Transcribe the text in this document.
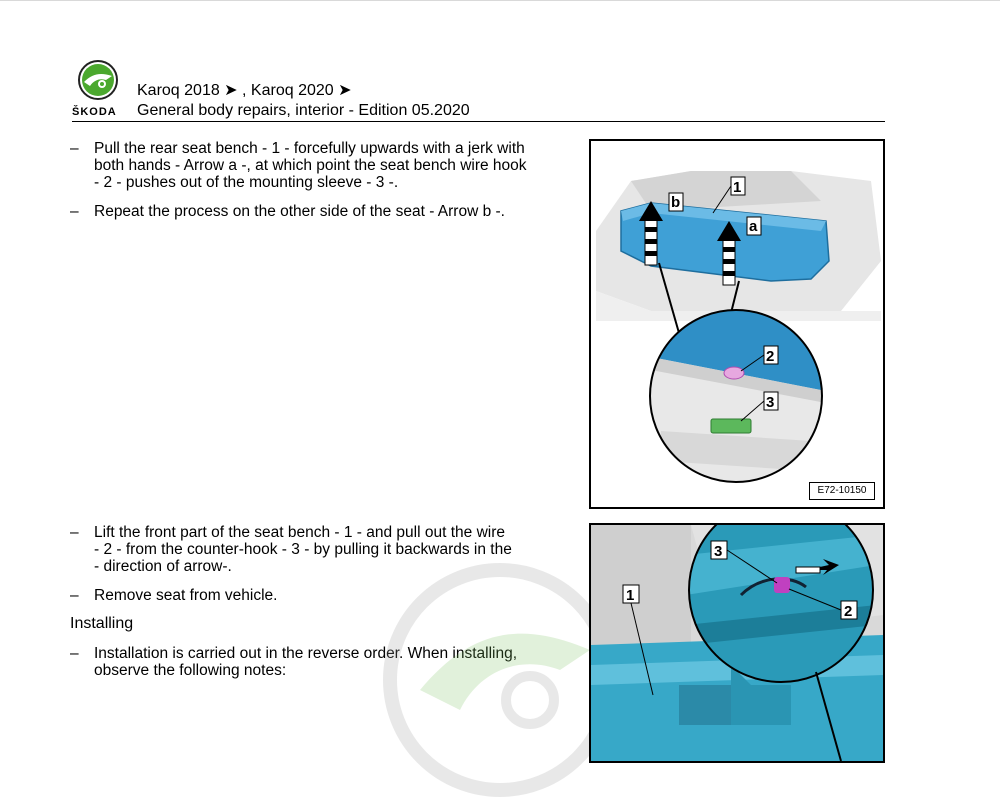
ŠKODA
Karoq 2018 ➤ , Karoq 2020 ➤
General body repairs, interior - Edition 05.2020
– Pull the rear seat bench - 1 - forcefully upwards with a jerk with
both hands - Arrow a -, at which point the seat bench wire hook
- 2 - pushes out of the mounting sleeve - 3 -.
– Repeat the process on the other side of the seat - Arrow b -.
– Lift the front part of the seat bench - 1 - and pull out the wire
- 2 - from the counter-hook - 3 - by pulling it backwards in the
- direction of arrow-.
– Remove seat from vehicle.
Installing
– Installation is carried out in the reverse order. When installing,
observe the following notes:
b
a
1
2
3
E72-10150
3
2
1
